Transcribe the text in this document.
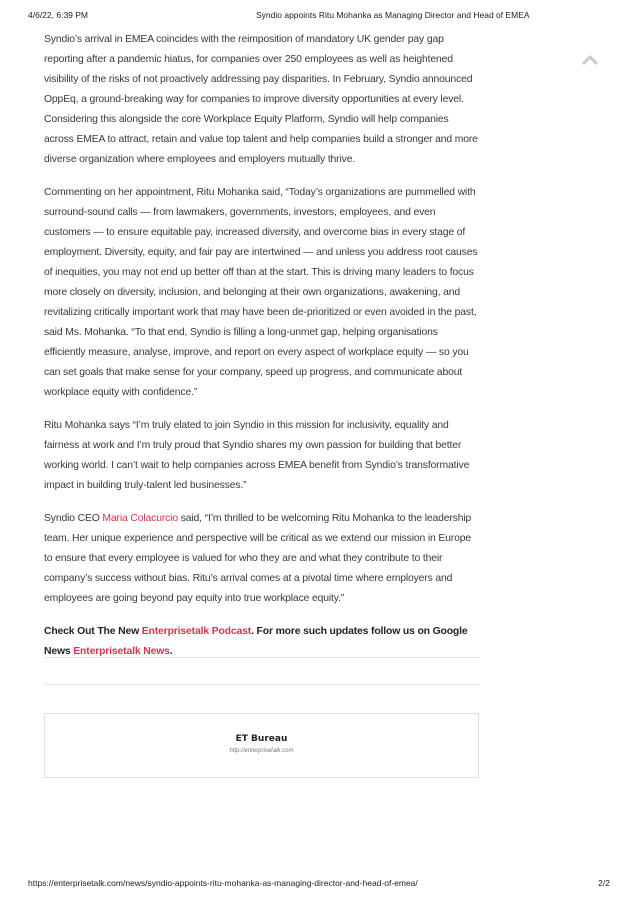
4/6/22, 6:39 PM	Syndio appoints Ritu Mohanka as Managing Director and Head of EMEA

Syndio’s arrival in EMEA coincides with the reimposition of mandatory UK gender pay gap reporting after a pandemic hiatus, for companies over 250 employees as well as heightened visibility of the risks of not proactively addressing pay disparities. In February, Syndio announced OppEq, a ground-breaking way for companies to improve diversity opportunities at every level. Considering this alongside the core Workplace Equity Platform, Syndio will help companies across EMEA to attract, retain and value top talent and help companies build a stronger and more diverse organization where employees and employers mutually thrive.

Commenting on her appointment, Ritu Mohanka said, “Today’s organizations are pummelled with surround-sound calls — from lawmakers, governments, investors, employees, and even customers — to ensure equitable pay, increased diversity, and overcome bias in every stage of employment. Diversity, equity, and fair pay are intertwined — and unless you address root causes of inequities, you may not end up better off than at the start. This is driving many leaders to focus more closely on diversity, inclusion, and belonging at their own organizations, awakening, and revitalizing critically important work that may have been de-prioritized or even avoided in the past, said Ms. Mohanka. “To that end, Syndio is filling a long-unmet gap, helping organisations efficiently measure, analyse, improve, and report on every aspect of workplace equity — so you can set goals that make sense for your company, speed up progress, and communicate about workplace equity with confidence.”

Ritu Mohanka says “I’m truly elated to join Syndio in this mission for inclusivity, equality and fairness at work and I’m truly proud that Syndio shares my own passion for building that better working world. I can’t wait to help companies across EMEA benefit from Syndio’s transformative impact in building truly-talent led businesses.”

Syndio CEO Maria Colacurcio said, “I’m thrilled to be welcoming Ritu Mohanka to the leadership team. Her unique experience and perspective will be critical as we extend our mission in Europe to ensure that every employee is valued for who they are and what they contribute to their company’s success without bias. Ritu’s arrival comes at a pivotal time where employers and employees are going beyond pay equity into true workplace equity.”

Check Out The New Enterprisetalk Podcast. For more such updates follow us on Google News Enterprisetalk News.

ET Bureau
http://enterprisetalk.com
https://enterprisetalk.com/news/syndio-appoints-ritu-mohanka-as-managing-director-and-head-of-emea/	2/2
